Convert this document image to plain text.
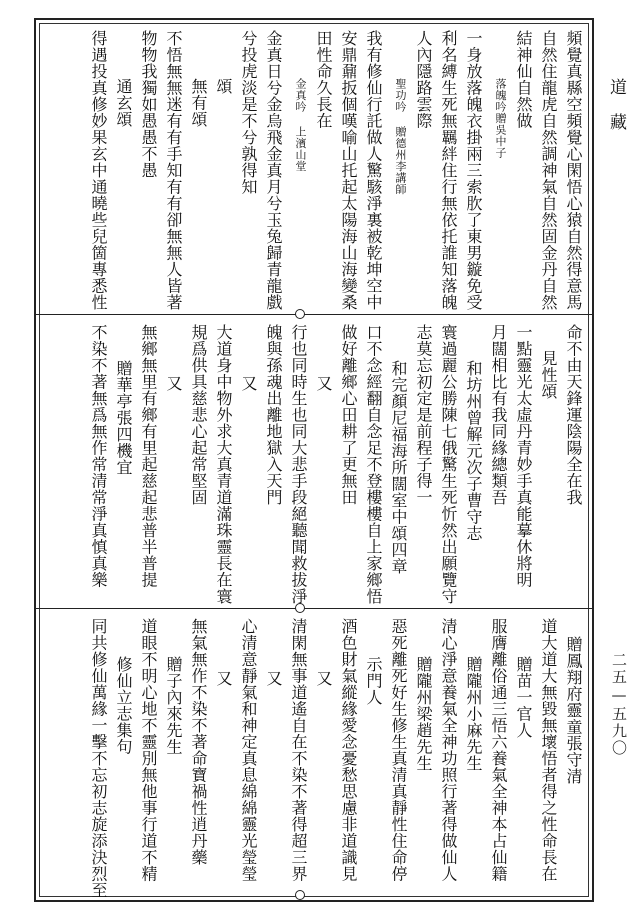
道藏
二五—五九〇
頻覺真縣空頻覺心閑悟心猿自然得意馬
自然住龍虎自然調神氣自然固金丹自然
結神仙自然做
落魄吟贈吳中子
一身放落魄衣掛兩三索肷了東男鏇免受
利名縛生死無羈絆住行無依托誰知落魄
人內隱路雲際
聖功吟 贈德州李講師
我有修仙行託做人驚駭淨裏被乾坤空中
安鼎鼐扳個嘆喻山托起太陽海山海變桑
田性命久長在
金真吟 上濱山堂
金真日兮金烏飛金真月兮玉兔歸青龍戲
兮投虎淡是不兮孰得知
頌
無有頌
不悟無無迷有有手知有有卻無無人皆著
物物我獨如愚愚不愚
通玄頌
得遇投真修妙果玄中通曉些兒箇專悉性
命不由天鋒運陰陽全在我
見性頌
一點靈光太虛丹青妙手真能摹休將明
月闊相比有我同緣總類吾
和坊州曾解元次子曹守志
寰過麗公勝陳七俄驚生死忻然出願覽守
志莫忘初定是前程子得一
和完顏尼福海所闊室中頌四章
口不念經翻自念足不登樓樓自上家鄉悟
做好離鄉心田耕了更無田
又
行也同時生也同大悲手段絕聽聞救拔淨
魄與孫魂出離地獄入天門
又
大道身中物外求大真青道滿珠靈長在寰
規爲供具慈悲心起常堅固
又
無鄉無里有鄉有里起慈起悲普半普提
贈華亭張四機宜
不染不著無爲無作常清常淨真慎真樂
贈鳳翔府靈童張守清
道大道大無毀無壞悟者得之性命長在
贈苗一官人
服膺離俗通三悟六養氣全神本占仙籍
贈隴州小麻先生
清心淨意養氣全神功照行著得做仙人
贈隴州梁趙先生
惡死離死好生修生真清真靜性住命停
示門人
酒色財氣縱緣愛念憂愁思慮非道識見
又
清閑無事道遙自在不染不著得超三界
又
心清意靜氣和神定真息綿綿靈光瑩瑩
又
無氣無作不染不著命寶禍性逍丹藥
贈子內來先生
道眼不明心地不靈別無他事行道不精
修仙立志集句
同共修仙萬緣一擊不忘初志旋添決烈至
